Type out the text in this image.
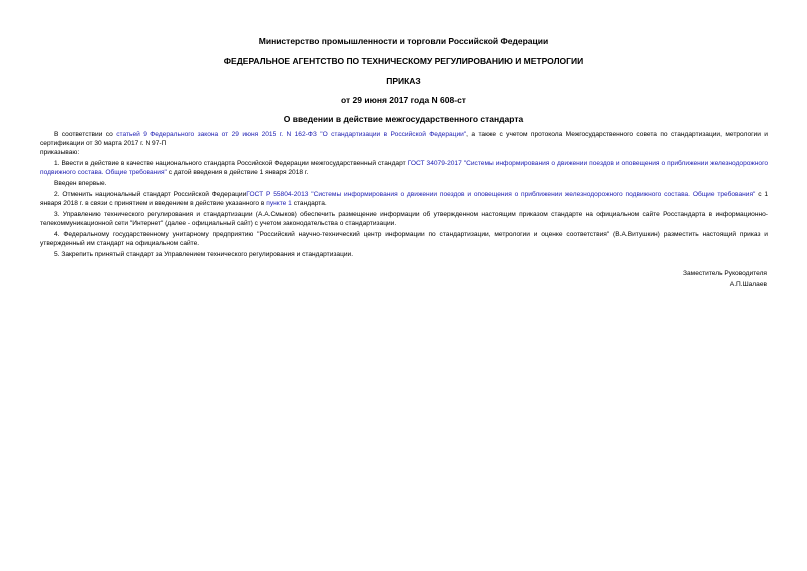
Министерство промышленности и торговли Российской Федерации
ФЕДЕРАЛЬНОЕ АГЕНТСТВО ПО ТЕХНИЧЕСКОМУ РЕГУЛИРОВАНИЮ И МЕТРОЛОГИИ
ПРИКАЗ
от 29 июня 2017 года N 608-ст
О введении в действие межгосударственного стандарта

В соответствии со статьей 9 Федерального закона от 29 июня 2015 г. N 162-ФЗ "О стандартизации в Российской Федерации", а также с учетом протокола Межгосударственного совета по стандартизации, метрологии и сертификации от 30 марта 2017 г. N 97-П

приказываю:

1. Ввести в действие в качестве национального стандарта Российской Федерации межгосударственный стандарт ГОСТ 34079-2017 "Системы информирования о движении поездов и оповещения о приближении железнодорожного подвижного состава. Общие требования" с датой введения в действие 1 января 2018 г.

Введен впервые.

2. Отменить национальный стандарт Российской ФедерацииГОСТ Р 55804-2013 "Системы информирования о движении поездов и оповещения о приближении железнодорожного подвижного состава. Общие требования" с 1 января 2018 г. в связи с принятием и введением в действие указанного в пункте 1 стандарта.

3. Управлению технического регулирования и стандартизации (А.А.Смыков) обеспечить размещение информации об утвержденном настоящим приказом стандарте на официальном сайте Росстандарта в информационно-телекоммуникационной сети "Интернет" (далее - официальный сайт) с учетом законодательства о стандартизации.

4. Федеральному государственному унитарному предприятию "Российский научно-технический центр информации по стандартизации, метрологии и оценке соответствия" (В.А.Витушкин) разместить настоящий приказ и утвержденный им стандарт на официальном сайте.

5. Закрепить принятый стандарт за Управлением технического регулирования и стандартизации.

Заместитель Руководителя
А.П.Шалаев
